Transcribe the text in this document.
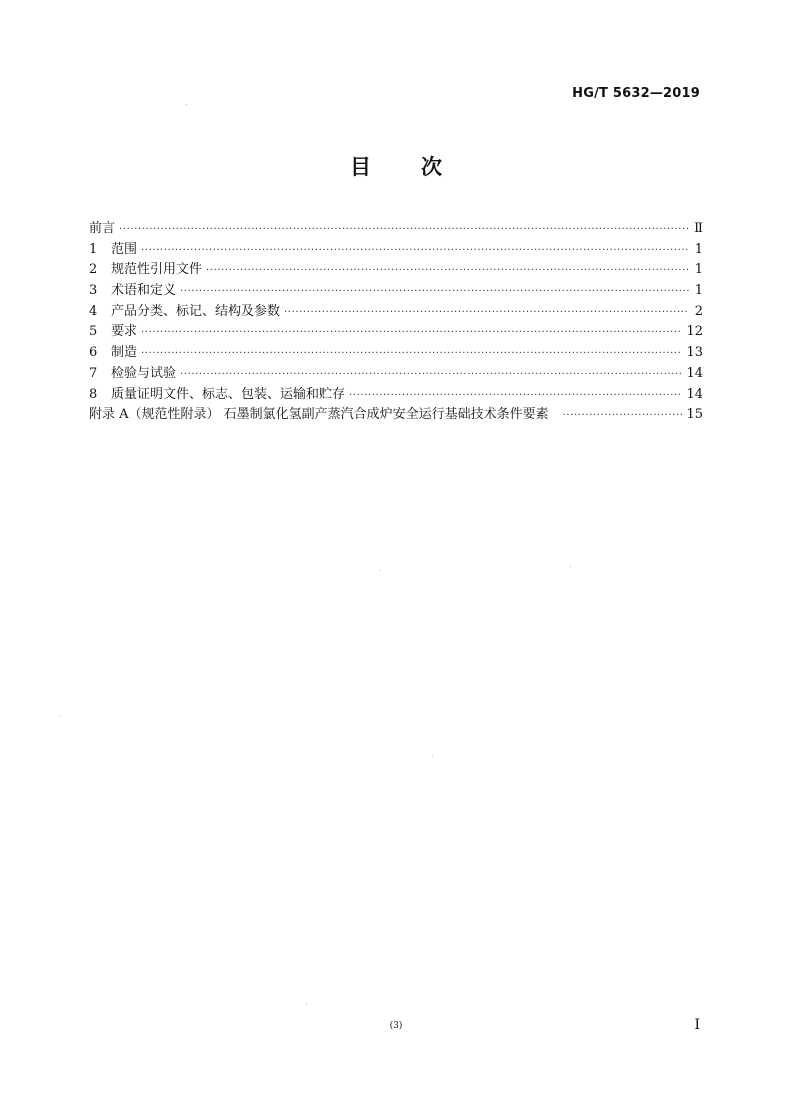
HG/T 5632—2019
目 次
前言 ·····	Ⅱ
1	范围 ·····	1
2	规范性引用文件 ·····	1
3	术语和定义 ·····	1
4	产品分类、标记、结构及参数 ·····	2
5	要求 ·····	12
6	制造 ·····	13
7	检验与试验 ·····	14
8	质量证明文件、标志、包装、运输和贮存 ·····	14
附录 A（规范性附录） 石墨制氯化氢副产蒸汽合成炉安全运行基础技术条件要素 ·····	15
(3)	I
